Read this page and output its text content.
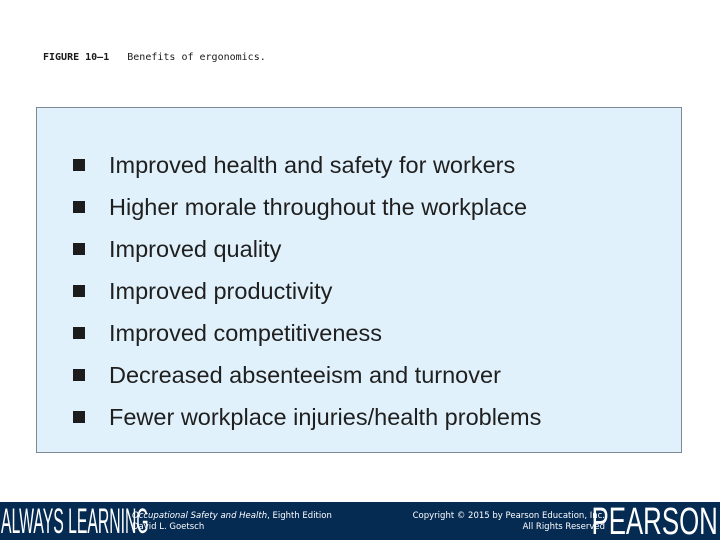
FIGURE 10–1 Benefits of ergonomics.
Improved health and safety for workers
Higher morale throughout the workplace
Improved quality
Improved productivity
Improved competitiveness
Decreased absenteeism and turnover
Fewer workplace injuries/health problems
ALWAYS LEARNING
Occupational Safety and Health, Eighth Edition
David L. Goetsch
Copyright © 2015 by Pearson Education, Inc.
All Rights Reserved
PEARSON
